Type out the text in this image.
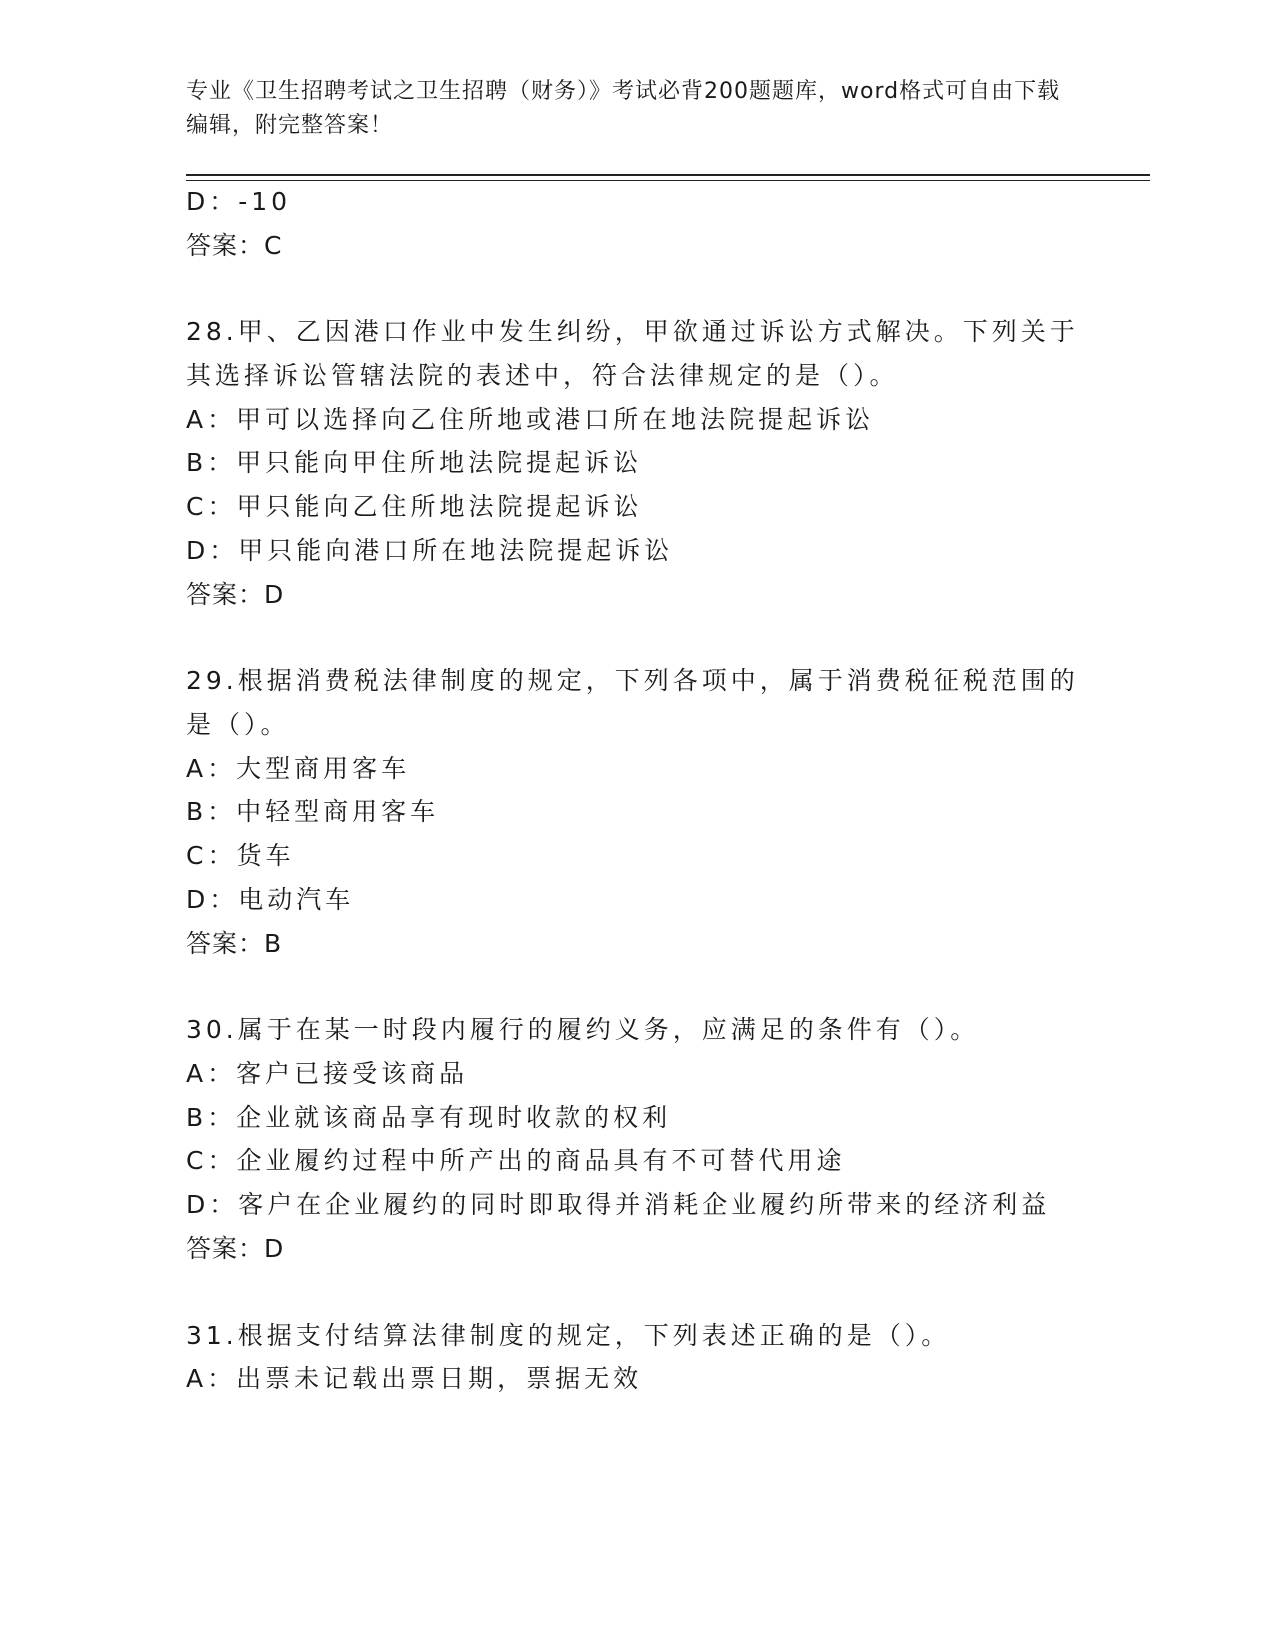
专业《卫生招聘考试之卫生招聘（财务）》考试必背200题题库，word格式可自由下载编辑，附完整答案！
D：-10
答案：C
28.甲、乙因港口作业中发生纠纷，甲欲通过诉讼方式解决。下列关于
其选择诉讼管辖法院的表述中，符合法律规定的是（）。
A：甲可以选择向乙住所地或港口所在地法院提起诉讼
B：甲只能向甲住所地法院提起诉讼
C：甲只能向乙住所地法院提起诉讼
D：甲只能向港口所在地法院提起诉讼
答案：D
29.根据消费税法律制度的规定，下列各项中，属于消费税征税范围的
是（）。
A：大型商用客车
B：中轻型商用客车
C：货车
D：电动汽车
答案：B
30.属于在某一时段内履行的履约义务，应满足的条件有（）。
A：客户已接受该商品
B：企业就该商品享有现时收款的权利
C：企业履约过程中所产出的商品具有不可替代用途
D：客户在企业履约的同时即取得并消耗企业履约所带来的经济利益
答案：D
31.根据支付结算法律制度的规定，下列表述正确的是（）。
A：出票未记载出票日期，票据无效
